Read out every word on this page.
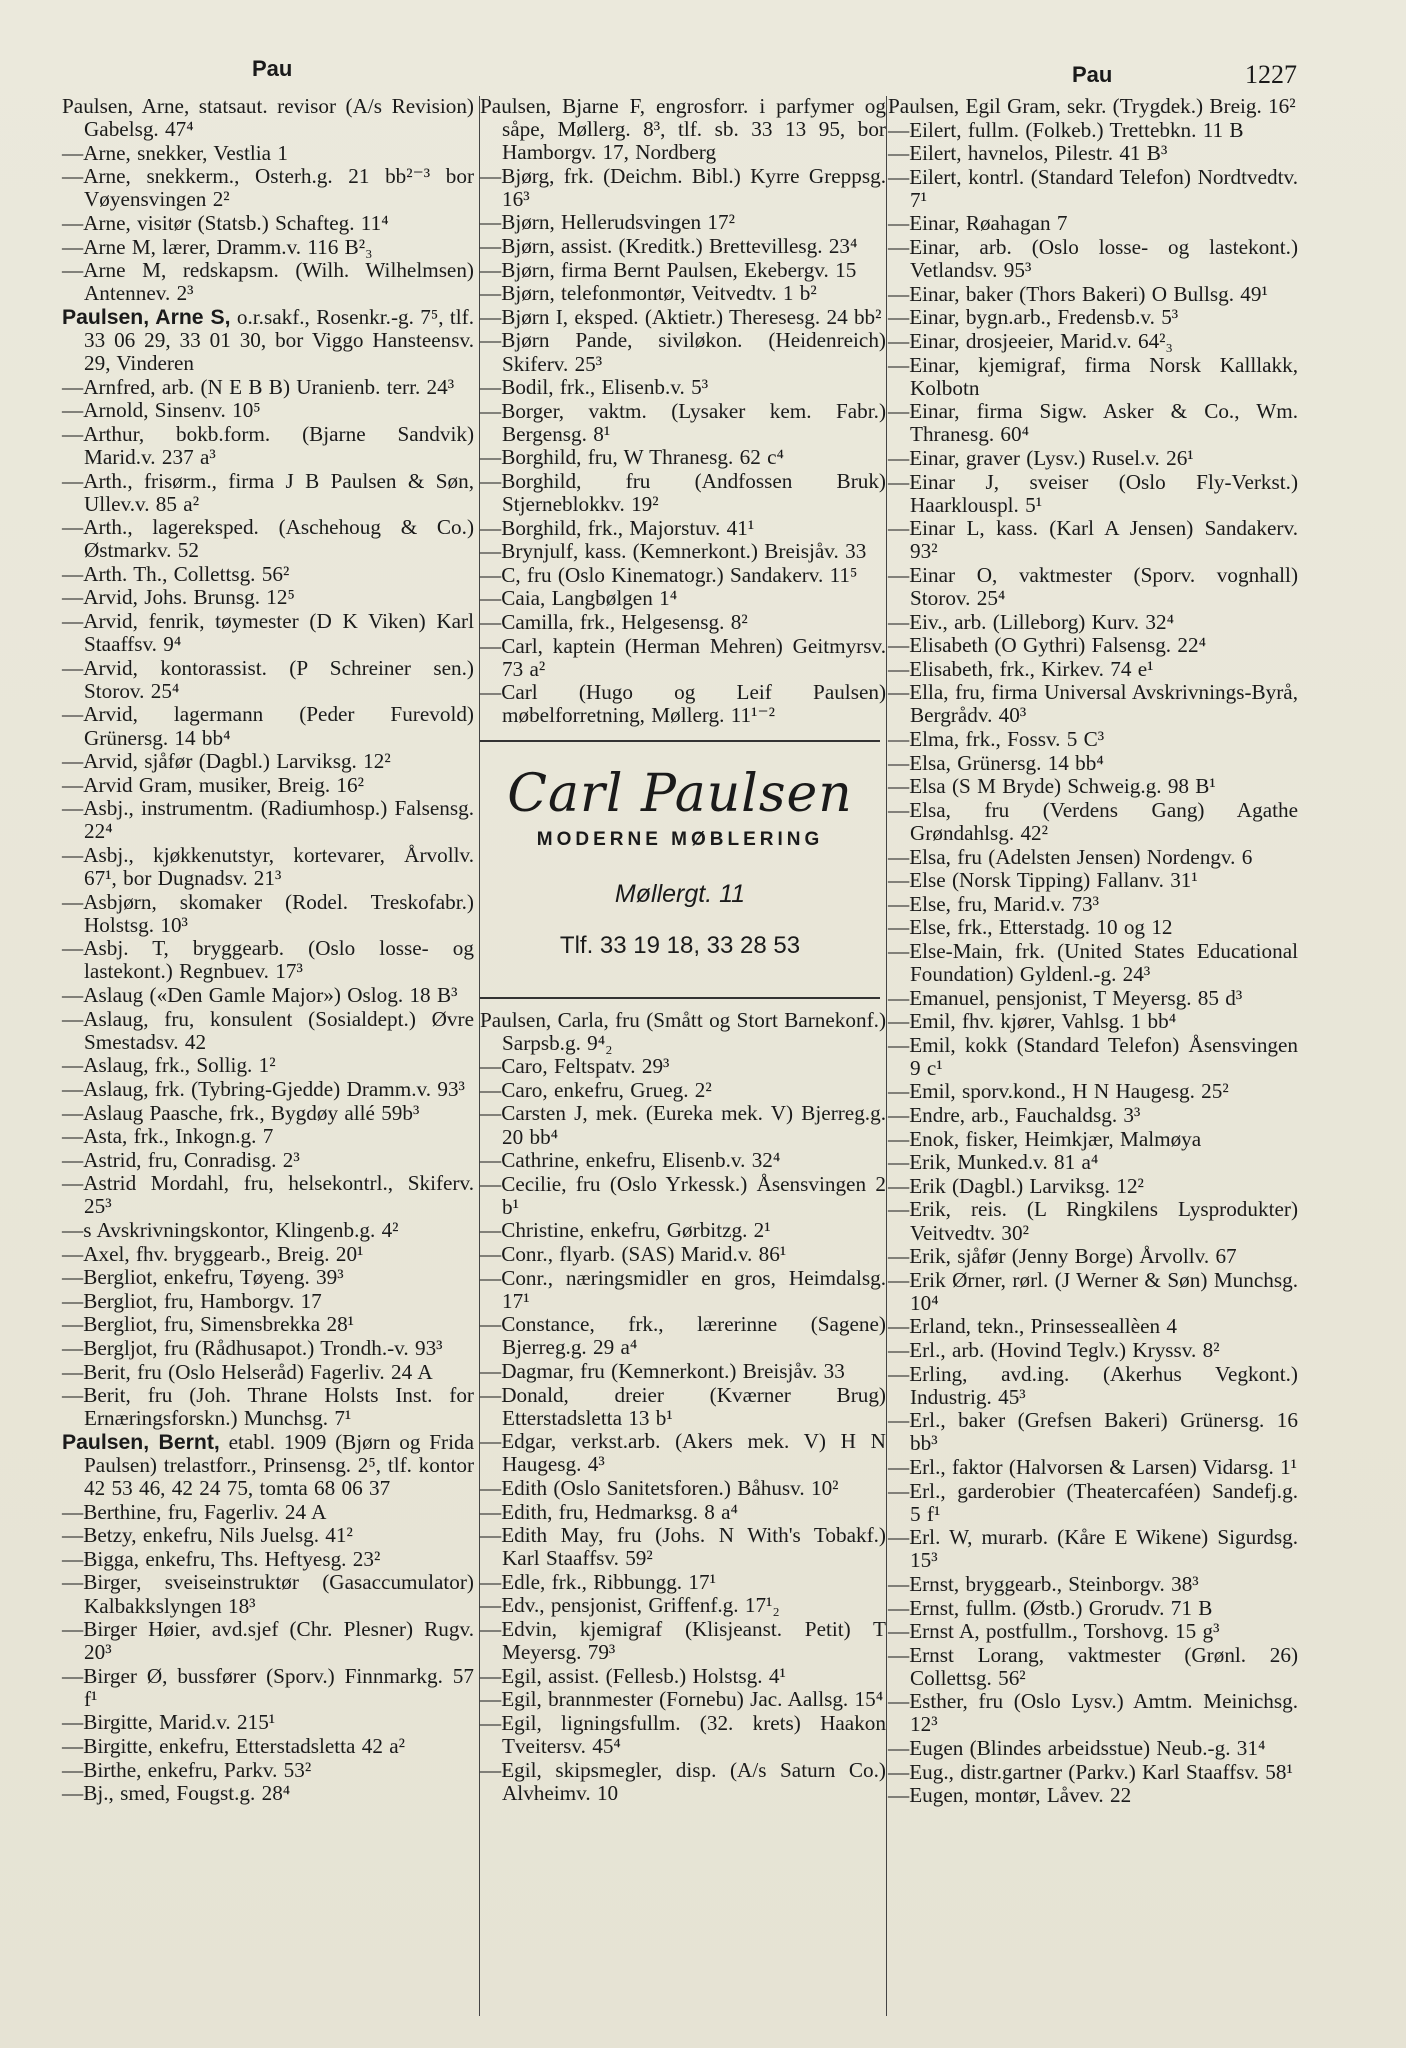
Pau	Pau	1227
Paulsen, Arne, statsaut. revisor (A/s Revision) Gabelsg. 47⁴
—Arne, snekker, Vestlia 1
—Arne, snekkerm., Osterh.g. 21 bb²⁻³ bor Vøyensvingen 2²
—Arne, visitør (Statsb.) Schafteg. 11⁴
—Arne M, lærer, Dramm.v. 116 B²₃
—Arne M, redskapsm. (Wilh. Wilhelmsen) Antennev. 2³
Paulsen, Arne S, o.r.sakf., Rosenkr.-g. 7⁵, tlf. 33 06 29, 33 01 30, bor Viggo Hansteensv. 29, Vinderen
—Arnfred, arb. (N E B B) Uranienb. terr. 24³
—Arnold, Sinsenv. 10⁵
—Arthur, bokb.form. (Bjarne Sandvik) Marid.v. 237 a³
—Arth., frisørm., firma J B Paulsen & Søn, Ullev.v. 85 a²
—Arth., lagereksped. (Aschehoug & Co.) Østmarkv. 52
—Arth. Th., Collettsg. 56²
—Arvid, Johs. Brunsg. 12⁵
—Arvid, fenrik, tøymester (D K Viken) Karl Staaffsv. 9⁴
—Arvid, kontorassist. (P Schreiner sen.) Storov. 25⁴
—Arvid, lagermann (Peder Furevold) Grünersg. 14 bb⁴
—Arvid, sjåfør (Dagbl.) Larviksg. 12²
—Arvid Gram, musiker, Breig. 16²
—Asbj., instrumentm. (Radiumhosp.) Falsensg. 22⁴
—Asbj., kjøkkenutstyr, kortevarer, Årvollv. 67¹, bor Dugnadsv. 21³
—Asbjørn, skomaker (Rodel. Treskofabr.) Holstsg. 10³
—Asbj. T, bryggearb. (Oslo losse- og lastekont.) Regnbuev. 17³
—Aslaug («Den Gamle Major») Oslog. 18 B³
—Aslaug, fru, konsulent (Sosialdept.) Øvre Smestadsv. 42
—Aslaug, frk., Sollig. 1²
—Aslaug, frk. (Tybring-Gjedde) Dramm.v. 93³
—Aslaug Paasche, frk., Bygdøy allé 59b³
—Asta, frk., Inkogn.g. 7
—Astrid, fru, Conradisg. 2³
—Astrid Mordahl, fru, helsekontrl., Skiferv. 25³
—s Avskrivningskontor, Klingenb.g. 4²
—Axel, fhv. bryggearb., Breig. 20¹
—Bergliot, enkefru, Tøyeng. 39³
—Bergliot, fru, Hamborgv. 17
—Bergliot, fru, Simensbrekka 28¹
—Bergljot, fru (Rådhusapot.) Trondh.-v. 93³
—Berit, fru (Oslo Helseråd) Fagerliv. 24 A
—Berit, fru (Joh. Thrane Holsts Inst. for Ernæringsforskn.) Munchsg. 7¹
Paulsen, Bernt, etabl. 1909 (Bjørn og Frida Paulsen) trelastforr., Prinsensg. 2⁵, tlf. kontor 42 53 46, 42 24 75, tomta 68 06 37
—Berthine, fru, Fagerliv. 24 A
—Betzy, enkefru, Nils Juelsg. 41²
—Bigga, enkefru, Ths. Heftyesg. 23²
—Birger, sveiseinstruktør (Gasaccumulator) Kalbakkslyngen 18³
—Birger Høier, avd.sjef (Chr. Plesner) Rugv. 20³
—Birger Ø, bussfører (Sporv.) Finnmarkg. 57 f¹
—Birgitte, Marid.v. 215¹
—Birgitte, enkefru, Etterstadsletta 42 a²
—Birthe, enkefru, Parkv. 53²
—Bj., smed, Fougst.g. 28⁴
Paulsen, Bjarne F, engrosforr. i parfymer og såpe, Møllerg. 8³, tlf. sb. 33 13 95, bor Hamborgv. 17, Nordberg
—Bjørg, frk. (Deichm. Bibl.) Kyrre Greppsg. 16³
—Bjørn, Hellerudsvingen 17²
—Bjørn, assist. (Kreditk.) Brettevillesg. 23⁴
—Bjørn, firma Bernt Paulsen, Ekebergv. 15
—Bjørn, telefonmontør, Veitvedtv. 1 b²
—Bjørn I, eksped. (Aktietr.) Theresesg. 24 bb²
—Bjørn Pande, siviløkon. (Heidenreich) Skiferv. 25³
—Bodil, frk., Elisenb.v. 5³
—Borger, vaktm. (Lysaker kem. Fabr.) Bergensg. 8¹
—Borghild, fru, W Thranesg. 62 c⁴
—Borghild, fru (Andfossen Bruk) Stjerneblokkv. 19²
—Borghild, frk., Majorstuv. 41¹
—Brynjulf, kass. (Kemnerkont.) Breisjåv. 33
—C, fru (Oslo Kinematogr.) Sandakerv. 11⁵
—Caia, Langbølgen 1⁴
—Camilla, frk., Helgesensg. 8²
—Carl, kaptein (Herman Mehren) Geitmyrsv. 73 a²
—Carl (Hugo og Leif Paulsen) møbelforretning, Møllerg. 11¹⁻²
Carl Paulsen
MODERNE MØBLERING
Møllergt. 11
Tlf. 33 19 18, 33 28 53
Paulsen, Carla, fru (Smått og Stort Barnekonf.) Sarpsb.g. 9⁴₂
—Caro, Feltspatv. 29³
—Caro, enkefru, Grueg. 2²
—Carsten J, mek. (Eureka mek. V) Bjerreg.g. 20 bb⁴
—Cathrine, enkefru, Elisenb.v. 32⁴
—Cecilie, fru (Oslo Yrkessk.) Åsensvingen 2 b¹
—Christine, enkefru, Gørbitzg. 2¹
—Conr., flyarb. (SAS) Marid.v. 86¹
—Conr., næringsmidler en gros, Heimdalsg. 17¹
—Constance, frk., lærerinne (Sagene) Bjerreg.g. 29 a⁴
—Dagmar, fru (Kemnerkont.) Breisjåv. 33
—Donald, dreier (Kværner Brug) Etterstadsletta 13 b¹
—Edgar, verkst.arb. (Akers mek. V) H N Haugesg. 4³
—Edith (Oslo Sanitetsforen.) Båhusv. 10²
—Edith, fru, Hedmarksg. 8 a⁴
—Edith May, fru (Johs. N With's Tobakf.) Karl Staaffsv. 59²
—Edle, frk., Ribbungg. 17¹
—Edv., pensjonist, Griffenf.g. 17¹₂
—Edvin, kjemigraf (Klisjeanst. Petit) T Meyersg. 79³
—Egil, assist. (Fellesb.) Holstsg. 4¹
—Egil, brannmester (Fornebu) Jac. Aallsg. 15⁴
—Egil, ligningsfullm. (32. krets) Haakon Tveitersv. 45⁴
—Egil, skipsmegler, disp. (A/s Saturn Co.) Alvheimv. 10
Paulsen, Egil Gram, sekr. (Trygdek.) Breig. 16²
—Eilert, fullm. (Folkeb.) Trettebkn. 11 B
—Eilert, havnelos, Pilestr. 41 B³
—Eilert, kontrl. (Standard Telefon) Nordtvedtv. 7¹
—Einar, Røahagan 7
—Einar, arb. (Oslo losse- og lastekont.) Vetlandsv. 95³
—Einar, baker (Thors Bakeri) O Bullsg. 49¹
—Einar, bygn.arb., Fredensb.v. 5³
—Einar, drosjeeier, Marid.v. 64²₃
—Einar, kjemigraf, firma Norsk Kalllakk, Kolbotn
—Einar, firma Sigw. Asker & Co., Wm. Thranesg. 60⁴
—Einar, graver (Lysv.) Rusel.v. 26¹
—Einar J, sveiser (Oslo Fly-Verkst.) Haarklouspl. 5¹
—Einar L, kass. (Karl A Jensen) Sandakerv. 93²
—Einar O, vaktmester (Sporv. vognhall) Storov. 25⁴
—Eiv., arb. (Lilleborg) Kurv. 32⁴
—Elisabeth (O Gythri) Falsensg. 22⁴
—Elisabeth, frk., Kirkev. 74 e¹
—Ella, fru, firma Universal Avskrivnings-Byrå, Bergrådv. 40³
—Elma, frk., Fossv. 5 C³
—Elsa, Grünersg. 14 bb⁴
—Elsa (S M Bryde) Schweig.g. 98 B¹
—Elsa, fru (Verdens Gang) Agathe Grøndahlsg. 42²
—Elsa, fru (Adelsten Jensen) Nordengv. 6
—Else (Norsk Tipping) Fallanv. 31¹
—Else, fru, Marid.v. 73³
—Else, frk., Etterstadg. 10 og 12
—Else-Main, frk. (United States Educational Foundation) Gyldenl.-g. 24³
—Emanuel, pensjonist, T Meyersg. 85 d³
—Emil, fhv. kjører, Vahlsg. 1 bb⁴
—Emil, kokk (Standard Telefon) Åsensvingen 9 c¹
—Emil, sporv.kond., H N Haugesg. 25²
—Endre, arb., Fauchaldsg. 3³
—Enok, fisker, Heimkjær, Malmøya
—Erik, Munked.v. 81 a⁴
—Erik (Dagbl.) Larviksg. 12²
—Erik, reis. (L Ringkilens Lysprodukter) Veitvedtv. 30²
—Erik, sjåfør (Jenny Borge) Årvollv. 67
—Erik Ørner, rørl. (J Werner & Søn) Munchsg. 10⁴
—Erland, tekn., Prinsesseallèen 4
—Erl., arb. (Hovind Teglv.) Kryssv. 8²
—Erling, avd.ing. (Akerhus Vegkont.) Industrig. 45³
—Erl., baker (Grefsen Bakeri) Grünersg. 16 bb³
—Erl., faktor (Halvorsen & Larsen) Vidarsg. 1¹
—Erl., garderobier (Theatercaféen) Sandefj.g. 5 f¹
—Erl. W, murarb. (Kåre E Wikene) Sigurdsg. 15³
—Ernst, bryggearb., Steinborgv. 38³
—Ernst, fullm. (Østb.) Grorudv. 71 B
—Ernst A, postfullm., Torshovg. 15 g³
—Ernst Lorang, vaktmester (Grønl. 26) Collettsg. 56²
—Esther, fru (Oslo Lysv.) Amtm. Meinichsg. 12³
—Eugen (Blindes arbeidsstue) Neub.-g. 31⁴
—Eug., distr.gartner (Parkv.) Karl Staaffsv. 58¹
—Eugen, montør, Låvev. 22
